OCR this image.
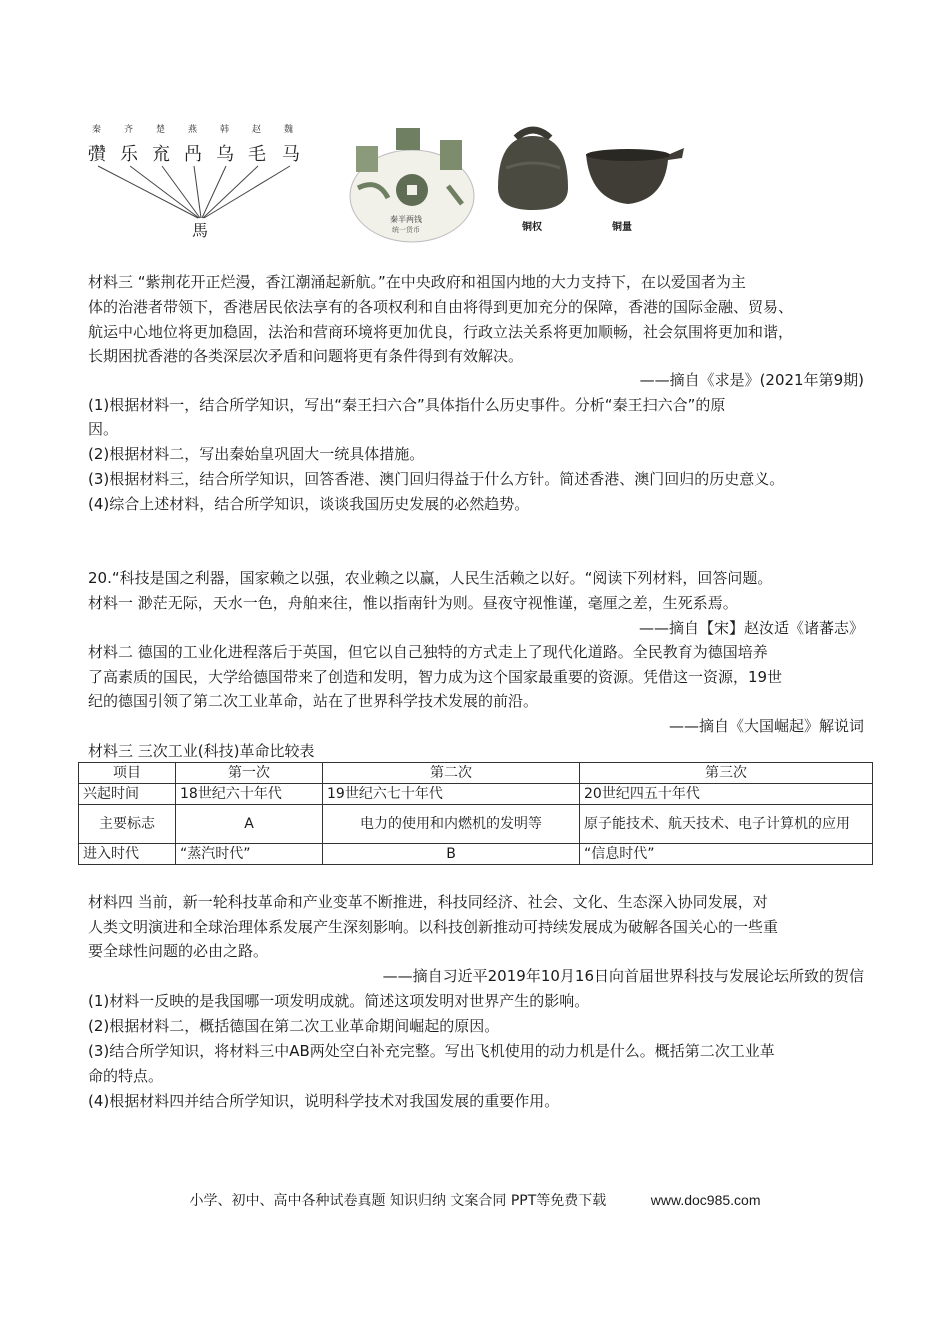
秦	齐	楚	燕	韩	赵	魏
𢑊 乐 㐬 冎 乌 毛 马
馬
秦半两钱
统一货币	铜权	铜量
材料三 “紫荆花开正烂漫，香江潮涌起新航。”在中央政府和祖国内地的大力支持下，在以爱国者为主
体的治港者带领下，香港居民依法享有的各项权利和自由将得到更加充分的保障，香港的国际金融、贸易、
航运中心地位将更加稳固，法治和营商环境将更加优良，行政立法关系将更加顺畅，社会氛围将更加和谐，
长期困扰香港的各类深层次矛盾和问题将更有条件得到有效解决。
——摘自《求是》(2021年第9期)
(1)根据材料一，结合所学知识，写出“秦王扫六合”具体指什么历史事件。分析“秦王扫六合”的原
因。
(2)根据材料二，写出秦始皇巩固大一统具体措施。
(3)根据材料三，结合所学知识，回答香港、澳门回归得益于什么方针。简述香港、澳门回归的历史意义。
(4)综合上述材料，结合所学知识，谈谈我国历史发展的必然趋势。
20.“科技是国之利器，国家赖之以强，农业赖之以赢，人民生活赖之以好。“阅读下列材料，回答问题。
材料一 渺茫无际，天水一色，舟舶来往，惟以指南针为则。昼夜守视惟谨，毫厘之差，生死系焉。
——摘自【宋】赵汝适《诸蕃志》
材料二 德国的工业化进程落后于英国，但它以自己独特的方式走上了现代化道路。全民教育为德国培养
了高素质的国民，大学给德国带来了创造和发明，智力成为这个国家最重要的资源。凭借这一资源，19世
纪的德国引领了第二次工业革命，站在了世界科学技术发展的前沿。
——摘自《大国崛起》解说词
材料三 三次工业(科技)革命比较表
项目	第一次	第二次	第三次
兴起时间	18世纪六十年代	19世纪六七十年代	20世纪四五十年代
主要标志	A	电力的使用和内燃机的发明等	原子能技术、航天技术、电子计算机的应用
进入时代	“蒸汽时代”	B	“信息时代”
材料四 当前，新一轮科技革命和产业变革不断推进，科技同经济、社会、文化、生态深入协同发展，对
人类文明演进和全球治理体系发展产生深刻影响。以科技创新推动可持续发展成为破解各国关心的一些重
要全球性问题的必由之路。
——摘自习近平2019年10月16日向首届世界科技与发展论坛所致的贺信
(1)材料一反映的是我国哪一项发明成就。简述这项发明对世界产生的影响。
(2)根据材料二，概括德国在第二次工业革命期间崛起的原因。
(3)结合所学知识，将材料三中AB两处空白补充完整。写出飞机使用的动力机是什么。概括第二次工业革
命的特点。
(4)根据材料四并结合所学知识，说明科学技术对我国发展的重要作用。
小学、初中、高中各种试卷真题 知识归纳 文案合同 PPT等免费下载	www.doc985.com
